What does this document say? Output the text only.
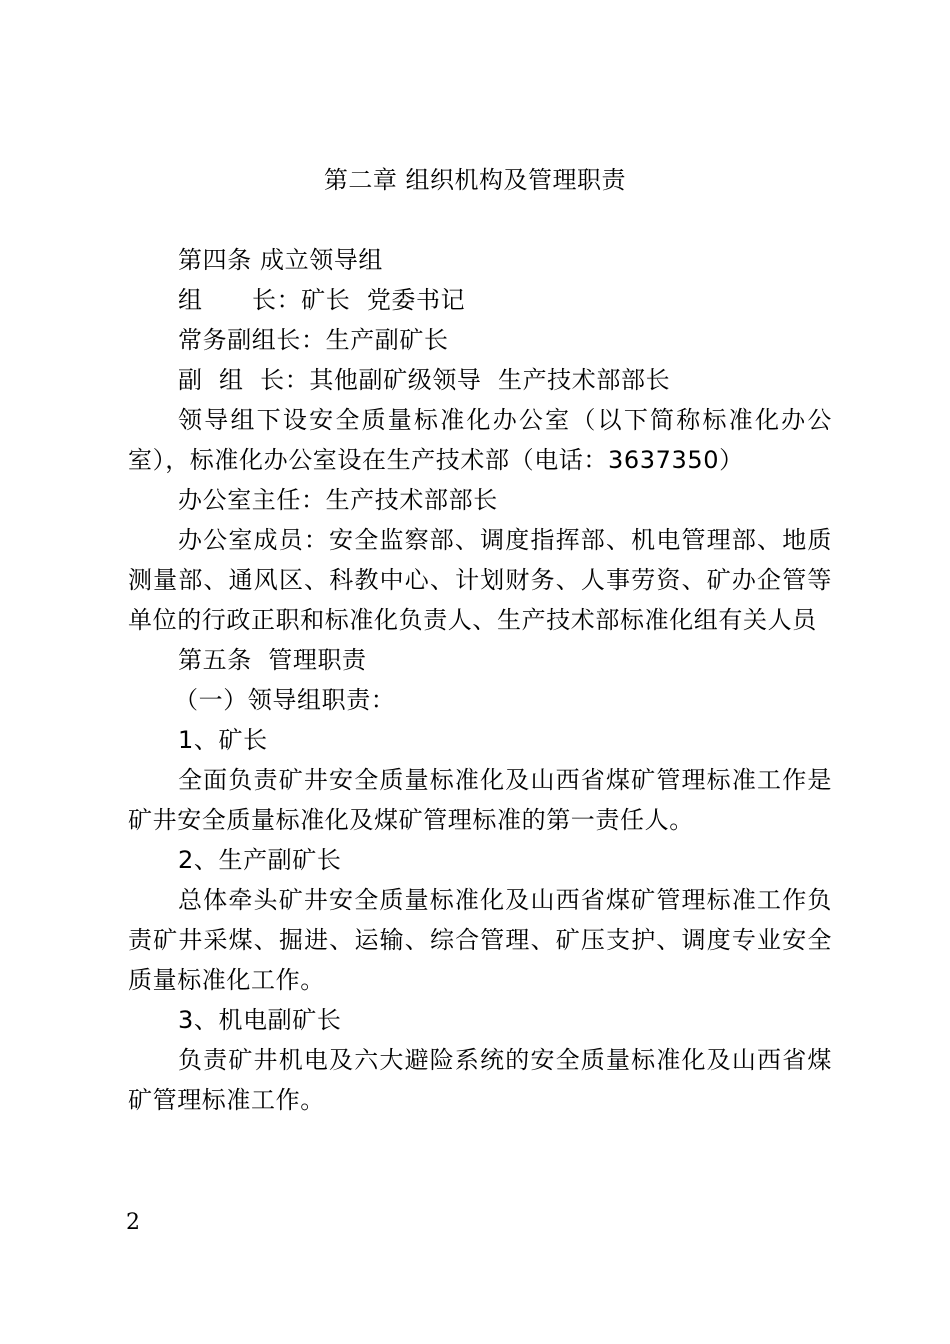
第二章 组织机构及管理职责

第四条 成立领导组

组      长：矿长  党委书记

常务副组长：生产副矿长

副  组  长：其他副矿级领导  生产技术部部长

领导组下设安全质量标准化办公室（以下简称标准化办公室），标准化办公室设在生产技术部（电话：3637350）

办公室主任：生产技术部部长

办公室成员：安全监察部、调度指挥部、机电管理部、地质测量部、通风区、科教中心、计划财务、人事劳资、矿办企管等单位的行政正职和标准化负责人、生产技术部标准化组有关人员

第五条  管理职责

（一）领导组职责：

1、矿长

全面负责矿井安全质量标准化及山西省煤矿管理标准工作是矿井安全质量标准化及煤矿管理标准的第一责任人。

2、生产副矿长

总体牵头矿井安全质量标准化及山西省煤矿管理标准工作负责矿井采煤、掘进、运输、综合管理、矿压支护、调度专业安全质量标准化工作。

3、机电副矿长

负责矿井机电及六大避险系统的安全质量标准化及山西省煤矿管理标准工作。

2
